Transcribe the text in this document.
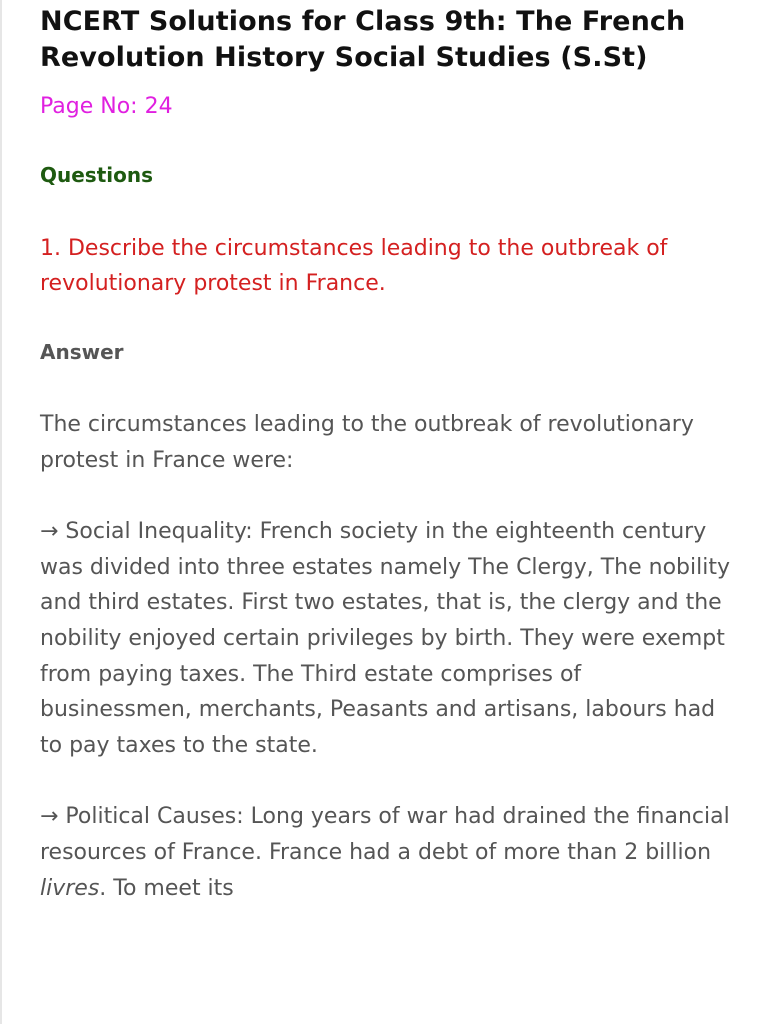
NCERT Solutions for Class 9th: The French Revolution History Social Studies (S.St)
Page No: 24
Questions
1. Describe the circumstances leading to the outbreak of revolutionary protest in France.
Answer

The circumstances leading to the outbreak of revolutionary protest in France were:

→ Social Inequality: French society in the eighteenth century was divided into three estates namely The Clergy, The nobility and third estates. First two estates, that is, the clergy and the nobility enjoyed certain privileges by birth. They were exempt from paying taxes. The Third estate comprises of businessmen, merchants, Peasants and artisans, labours had to pay taxes to the state.

→ Political Causes: Long years of war had drained the financial resources of France. France had a debt of more than 2 billion livres. To meet its
